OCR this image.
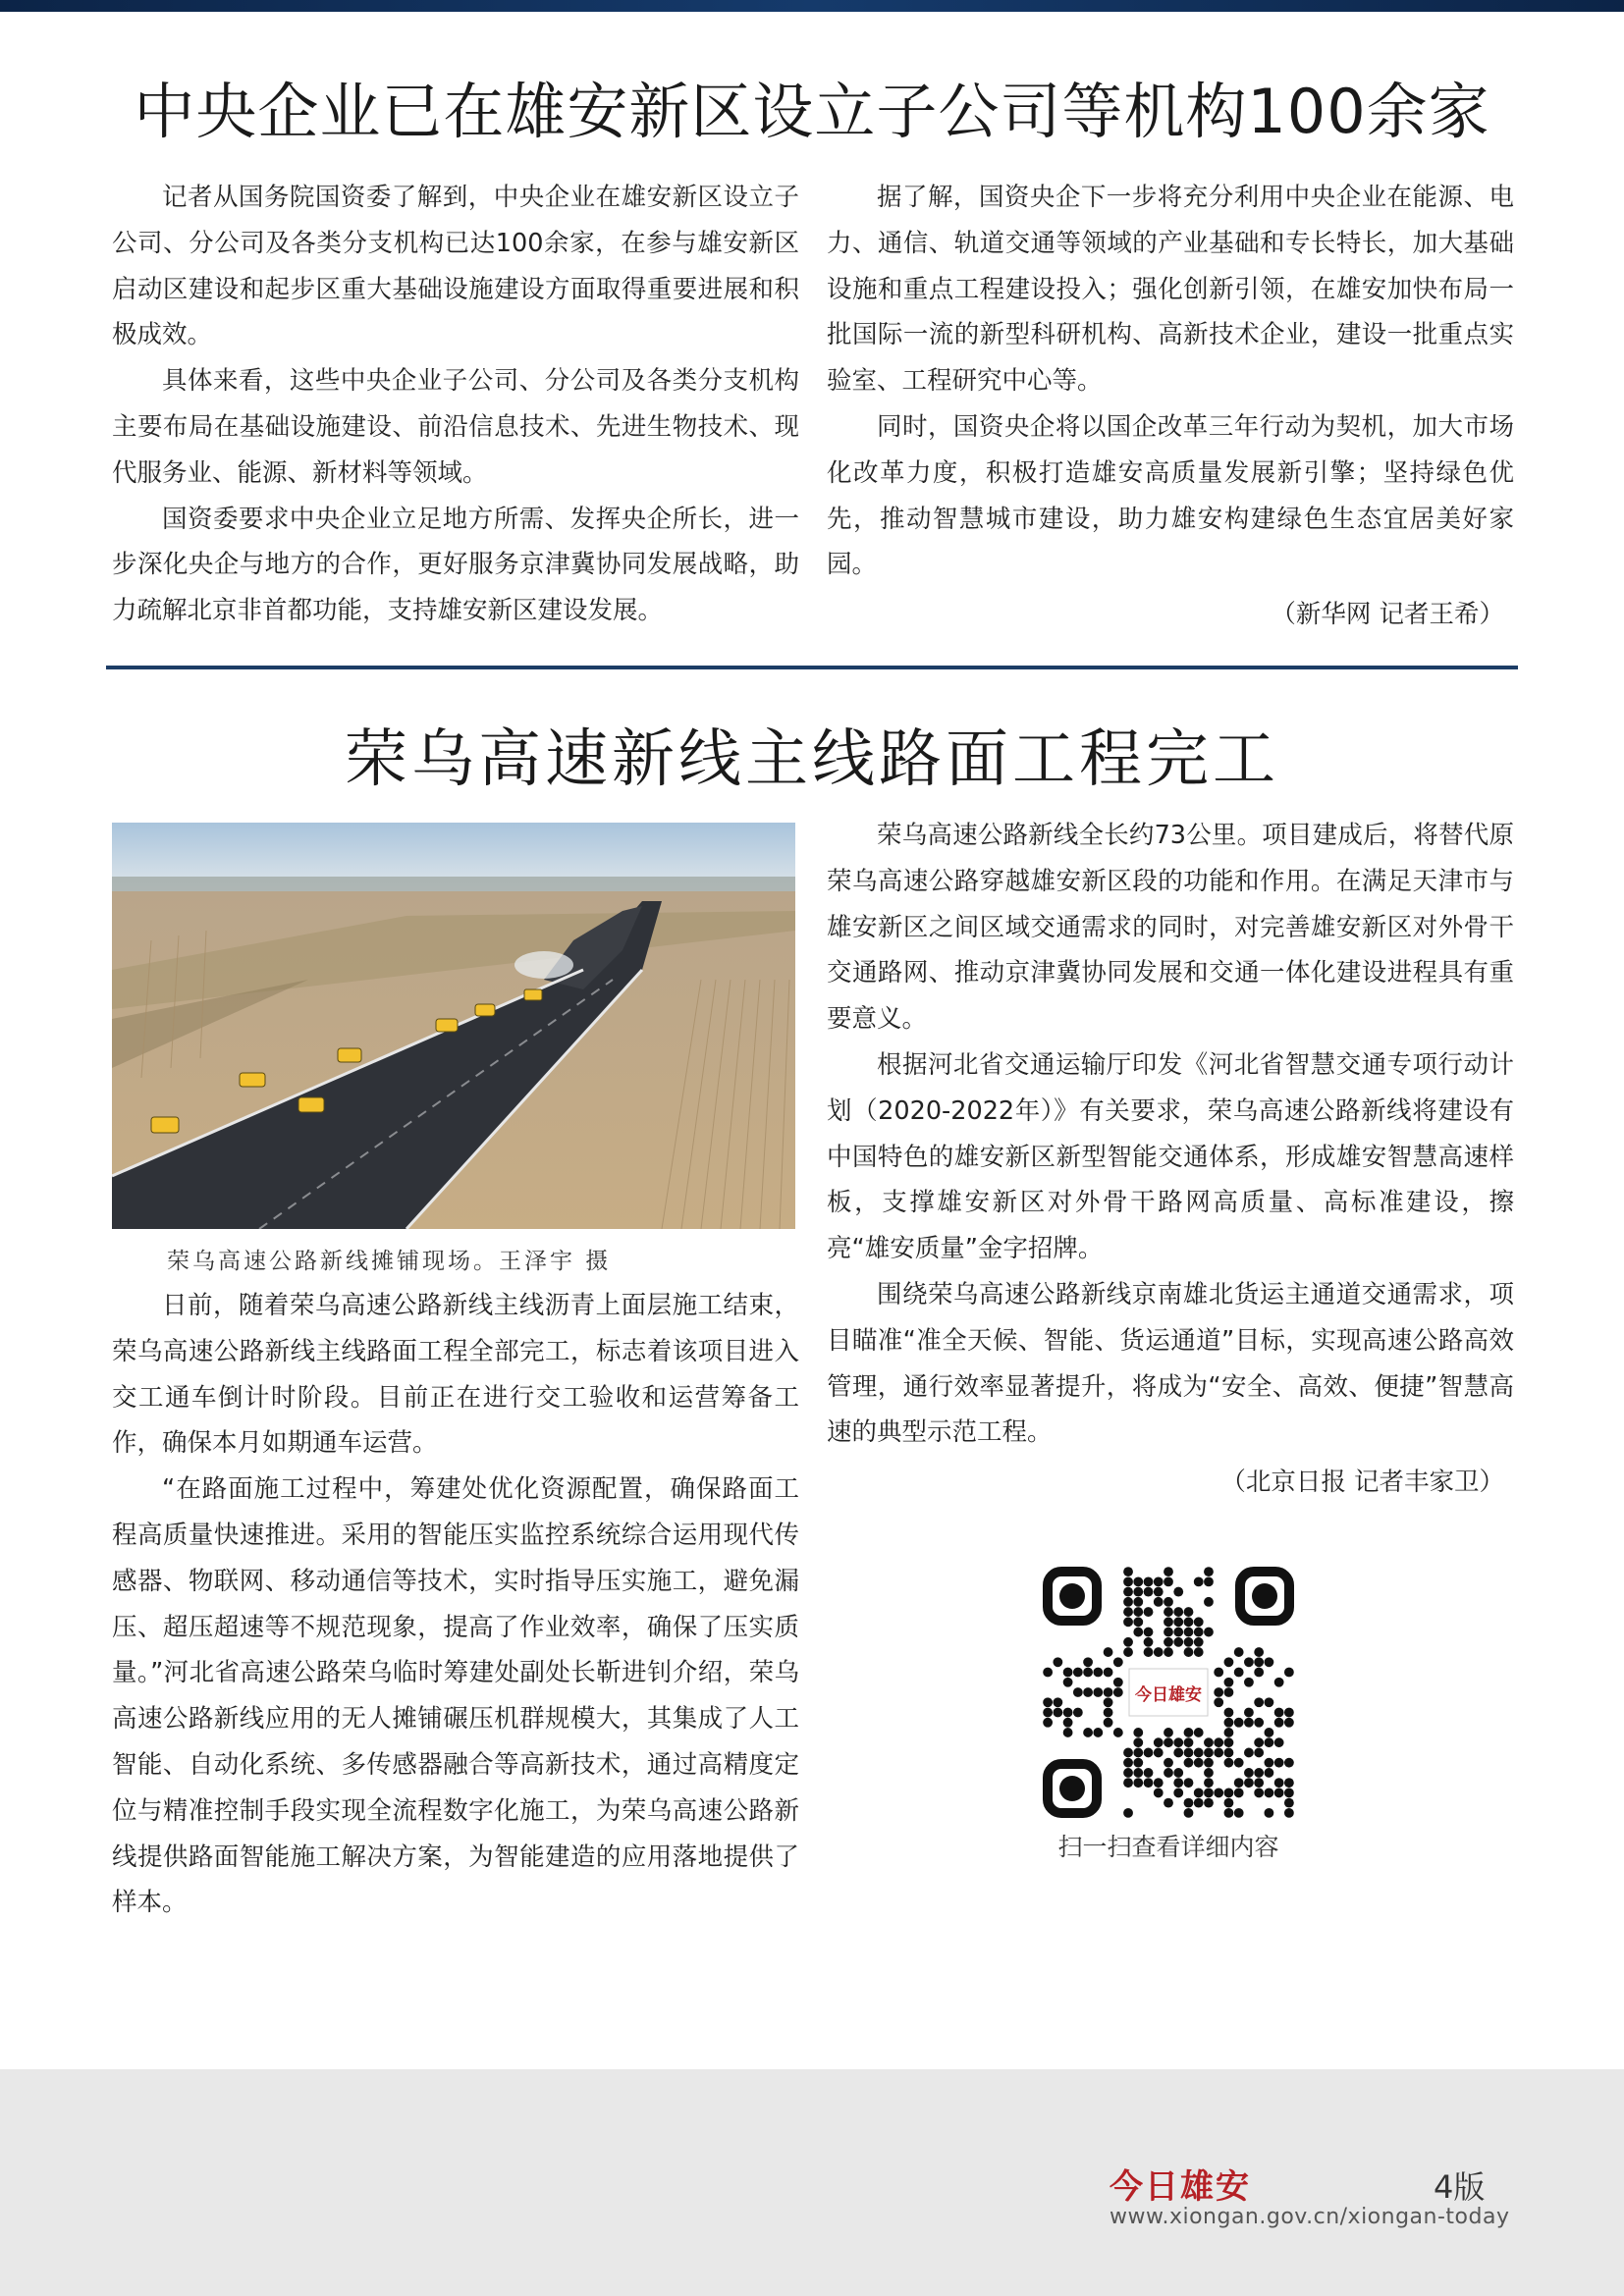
中央企业已在雄安新区设立子公司等机构100余家

记者从国务院国资委了解到，中央企业在雄安新区设立子公司、分公司及各类分支机构已达100余家，在参与雄安新区启动区建设和起步区重大基础设施建设方面取得重要进展和积极成效。

具体来看，这些中央企业子公司、分公司及各类分支机构主要布局在基础设施建设、前沿信息技术、先进生物技术、现代服务业、能源、新材料等领域。

国资委要求中央企业立足地方所需、发挥央企所长，进一步深化央企与地方的合作，更好服务京津冀协同发展战略，助力疏解北京非首都功能，支持雄安新区建设发展。

据了解，国资央企下一步将充分利用中央企业在能源、电力、通信、轨道交通等领域的产业基础和专长特长，加大基础设施和重点工程建设投入；强化创新引领，在雄安加快布局一批国际一流的新型科研机构、高新技术企业，建设一批重点实验室、工程研究中心等。

同时，国资央企将以国企改革三年行动为契机，加大市场化改革力度，积极打造雄安高质量发展新引擎；坚持绿色优先，推动智慧城市建设，助力雄安构建绿色生态宜居美好家园。

（新华网 记者王希）

荣乌高速新线主线路面工程完工
荣乌高速公路新线摊铺现场。王泽宇 摄

日前，随着荣乌高速公路新线主线沥青上面层施工结束，荣乌高速公路新线主线路面工程全部完工，标志着该项目进入交工通车倒计时阶段。目前正在进行交工验收和运营筹备工作，确保本月如期通车运营。

“在路面施工过程中，筹建处优化资源配置，确保路面工程高质量快速推进。采用的智能压实监控系统综合运用现代传感器、物联网、移动通信等技术，实时指导压实施工，避免漏压、超压超速等不规范现象，提高了作业效率，确保了压实质量。”河北省高速公路荣乌临时筹建处副处长靳进钊介绍，荣乌高速公路新线应用的无人摊铺碾压机群规模大，其集成了人工智能、自动化系统、多传感器融合等高新技术，通过高精度定位与精准控制手段实现全流程数字化施工，为荣乌高速公路新线提供路面智能施工解决方案，为智能建造的应用落地提供了样本。

荣乌高速公路新线全长约73公里。项目建成后，将替代原荣乌高速公路穿越雄安新区段的功能和作用。在满足天津市与雄安新区之间区域交通需求的同时，对完善雄安新区对外骨干交通路网、推动京津冀协同发展和交通一体化建设进程具有重要意义。

根据河北省交通运输厅印发《河北省智慧交通专项行动计划（2020-2022年）》有关要求，荣乌高速公路新线将建设有中国特色的雄安新区新型智能交通体系，形成雄安智慧高速样板，支撑雄安新区对外骨干路网高质量、高标准建设，擦亮“雄安质量”金字招牌。

围绕荣乌高速公路新线京南雄北货运主通道交通需求，项目瞄准“准全天候、智能、货运通道”目标，实现高速公路高效管理，通行效率显著提升，将成为“安全、高效、便捷”智慧高速的典型示范工程。

（北京日报 记者丰家卫）

今日雄安
扫一扫查看详细内容
今日雄安	4版
www.xiongan.gov.cn/xiongan-today
